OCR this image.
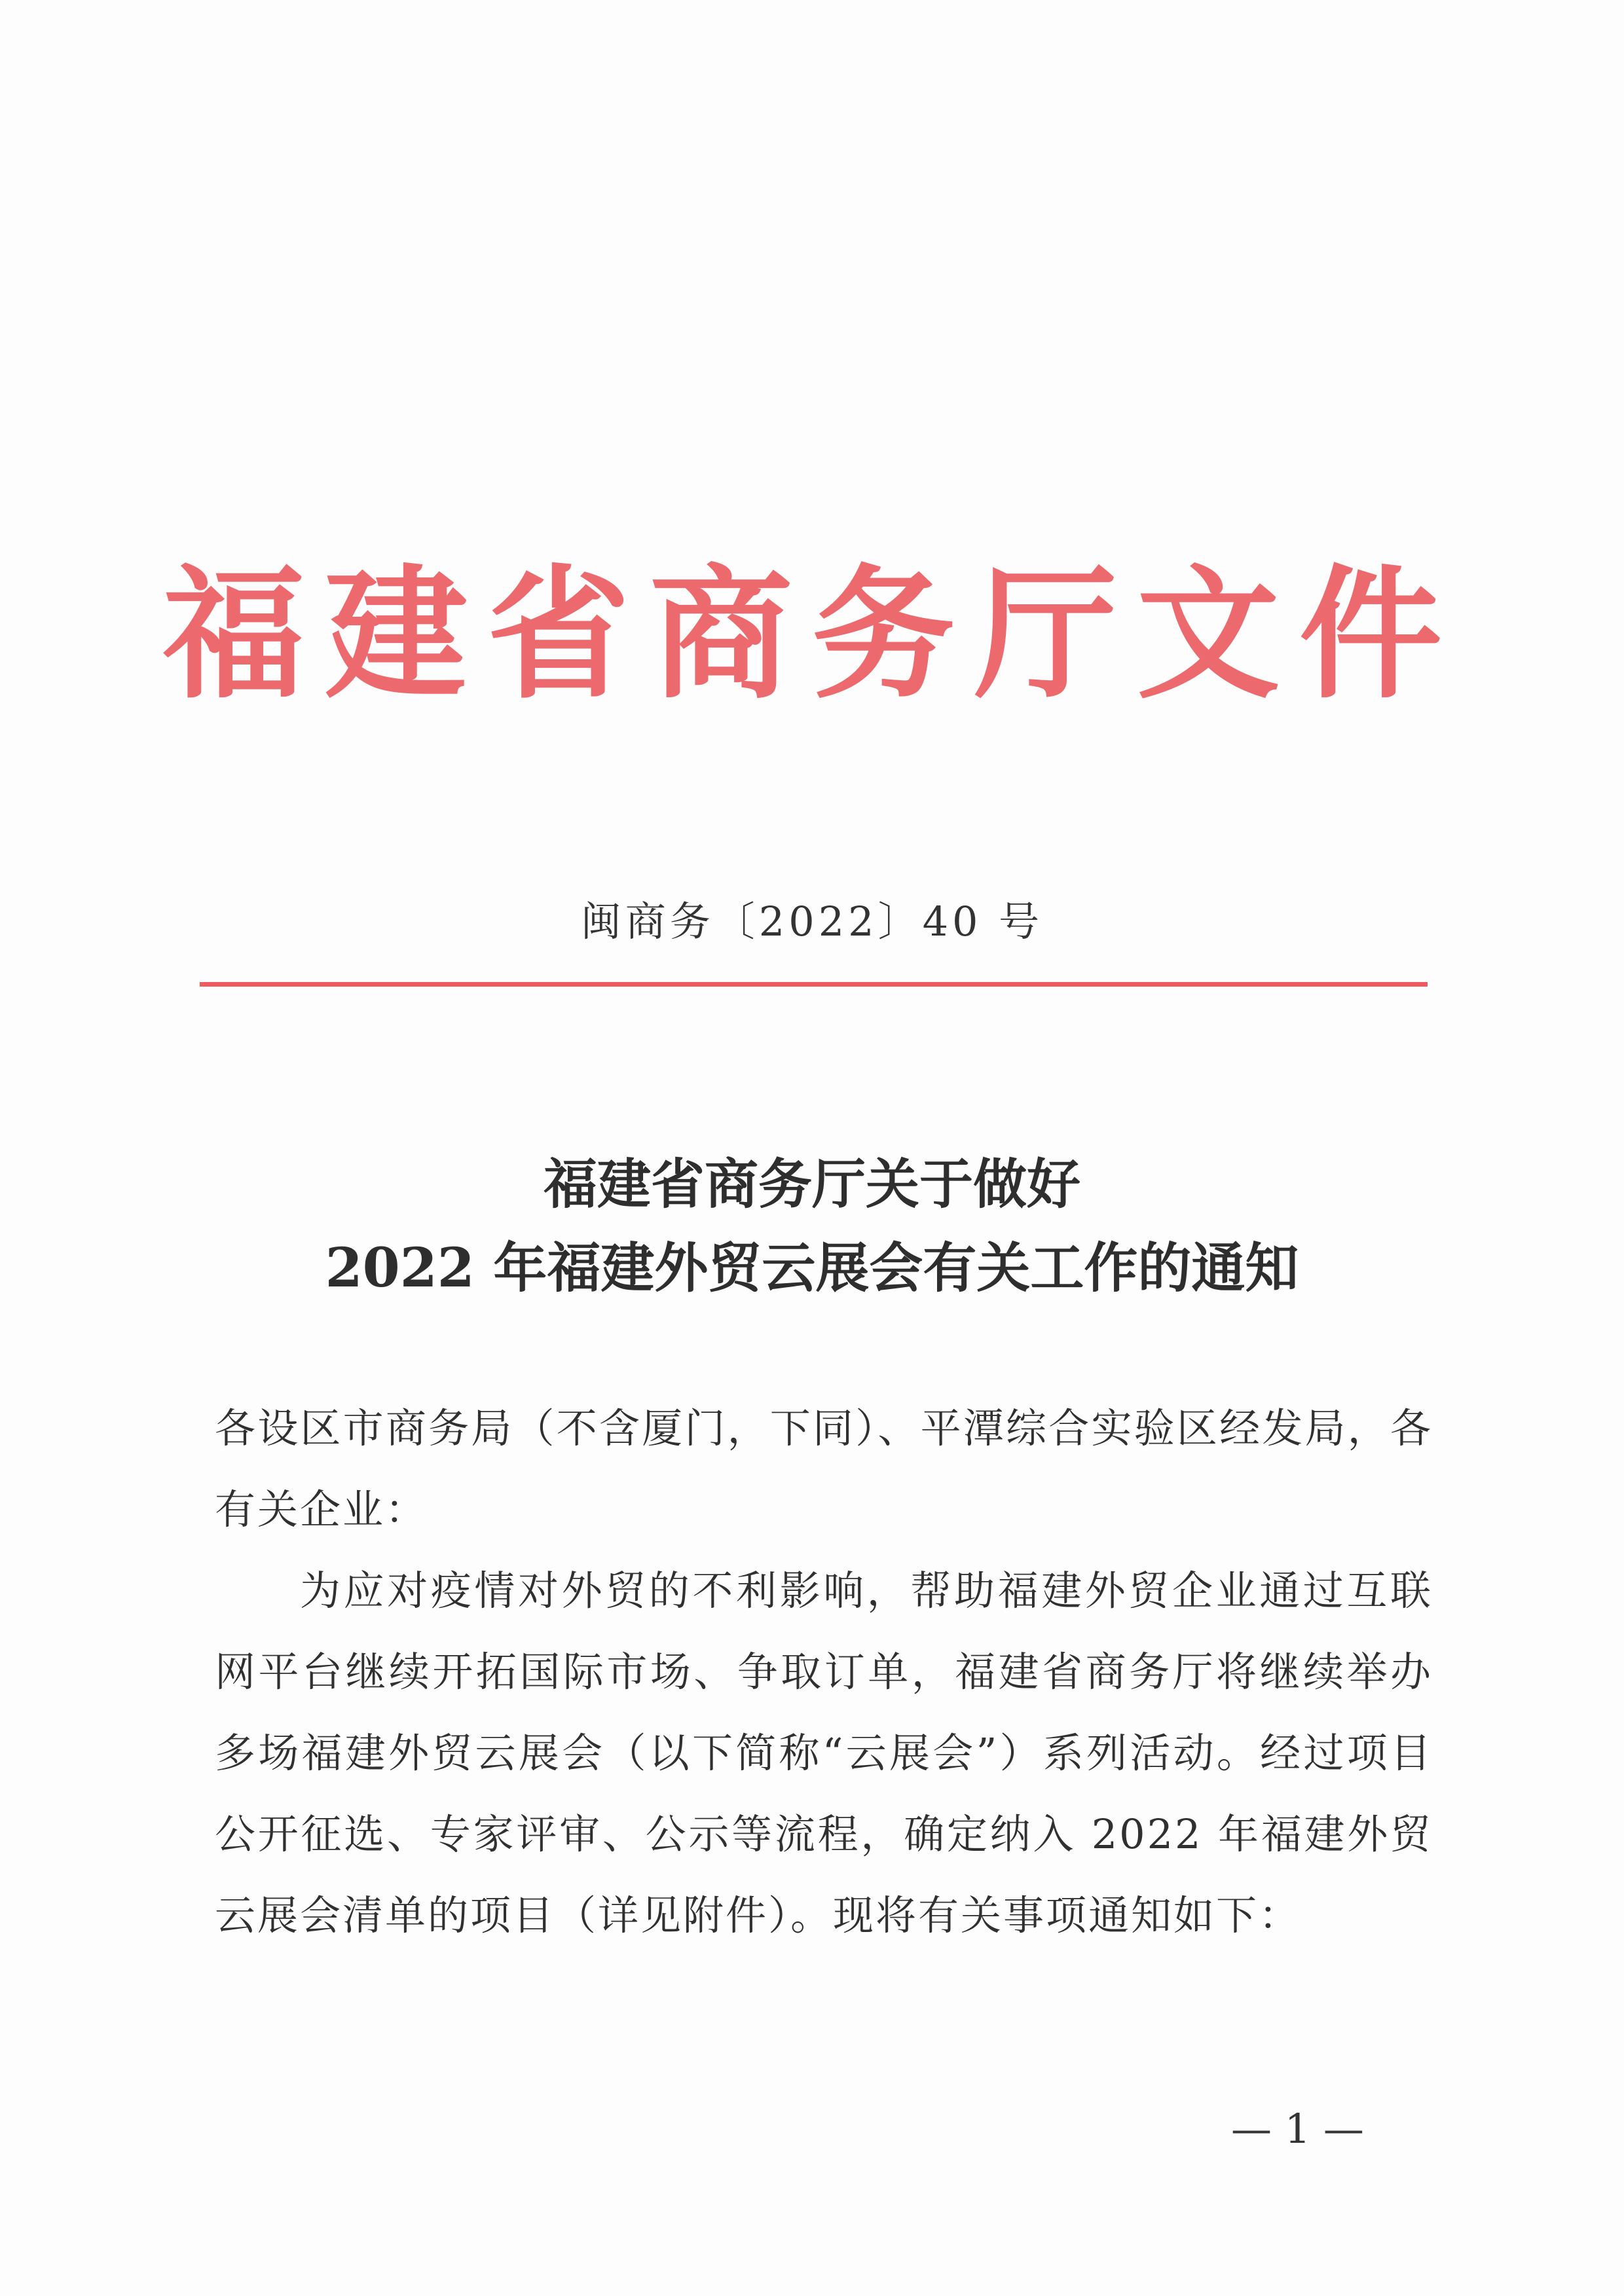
福建省商务厅文件
闽商务〔2022〕40 号
福建省商务厅关于做好
2022 年福建外贸云展会有关工作的通知

各设区市商务局（不含厦门，下同）、平潭综合实验区经发局，各有关企业：

为应对疫情对外贸的不利影响，帮助福建外贸企业通过互联网平台继续开拓国际市场、争取订单，福建省商务厅将继续举办多场福建外贸云展会（以下简称“云展会”）系列活动。经过项目公开征选、专家评审、公示等流程，确定纳入 2022 年福建外贸云展会清单的项目（详见附件）。现将有关事项通知如下：

— 1 —
